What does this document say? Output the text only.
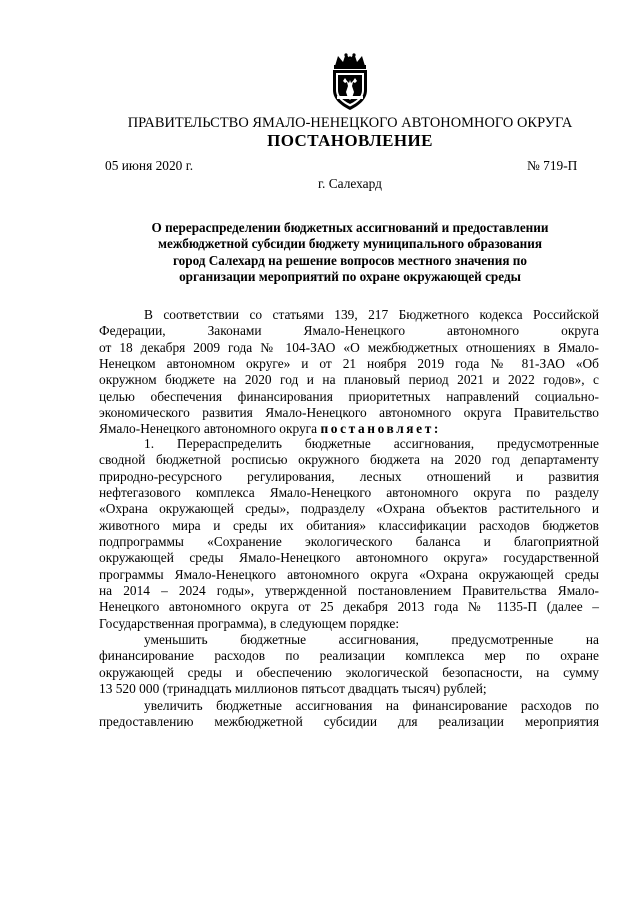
ПРАВИТЕЛЬСТВО ЯМАЛО-НЕНЕЦКОГО АВТОНОМНОГО ОКРУГА
ПОСТАНОВЛЕНИЕ
05 июня 2020 г.	№ 719-П
г. Салехард
О перераспределении бюджетных ассигнований и предоставлении
межбюджетной субсидии бюджету муниципального образования
город Салехард на решение вопросов местного значения по
организации мероприятий по охране окружающей среды
В соответствии со статьями 139, 217 Бюджетного кодекса Российской
Федерации, Законами Ямало-Ненецкого автономного округа
от 18 декабря 2009 года № 104-ЗАО «О межбюджетных отношениях в Ямало-
Ненецком автономном округе» и от 21 ноября 2019 года № 81-ЗАО «Об
окружном бюджете на 2020 год и на плановый период 2021 и 2022 годов», с
целью обеспечения финансирования приоритетных направлений социально-
экономического развития Ямало-Ненецкого автономного округа Правительство
Ямало-Ненецкого автономного округа постановляет:
1. Перераспределить бюджетные ассигнования, предусмотренные
сводной бюджетной росписью окружного бюджета на 2020 год департаменту
природно-ресурсного регулирования, лесных отношений и развития
нефтегазового комплекса Ямало-Ненецкого автономного округа по разделу
«Охрана окружающей среды», подразделу «Охрана объектов растительного и
животного мира и среды их обитания» классификации расходов бюджетов
подпрограммы «Сохранение экологического баланса и благоприятной
окружающей среды Ямало-Ненецкого автономного округа» государственной
программы Ямало-Ненецкого автономного округа «Охрана окружающей среды
на 2014 – 2024 годы», утвержденной постановлением Правительства Ямало-
Ненецкого автономного округа от 25 декабря 2013 года № 1135-П (далее –
Государственная программа), в следующем порядке:
уменьшить бюджетные ассигнования, предусмотренные на
финансирование расходов по реализации комплекса мер по охране
окружающей среды и обеспечению экологической безопасности, на сумму
13 520 000 (тринадцать миллионов пятьсот двадцать тысяч) рублей;
увеличить бюджетные ассигнования на финансирование расходов по
предоставлению межбюджетной субсидии для реализации мероприятия
